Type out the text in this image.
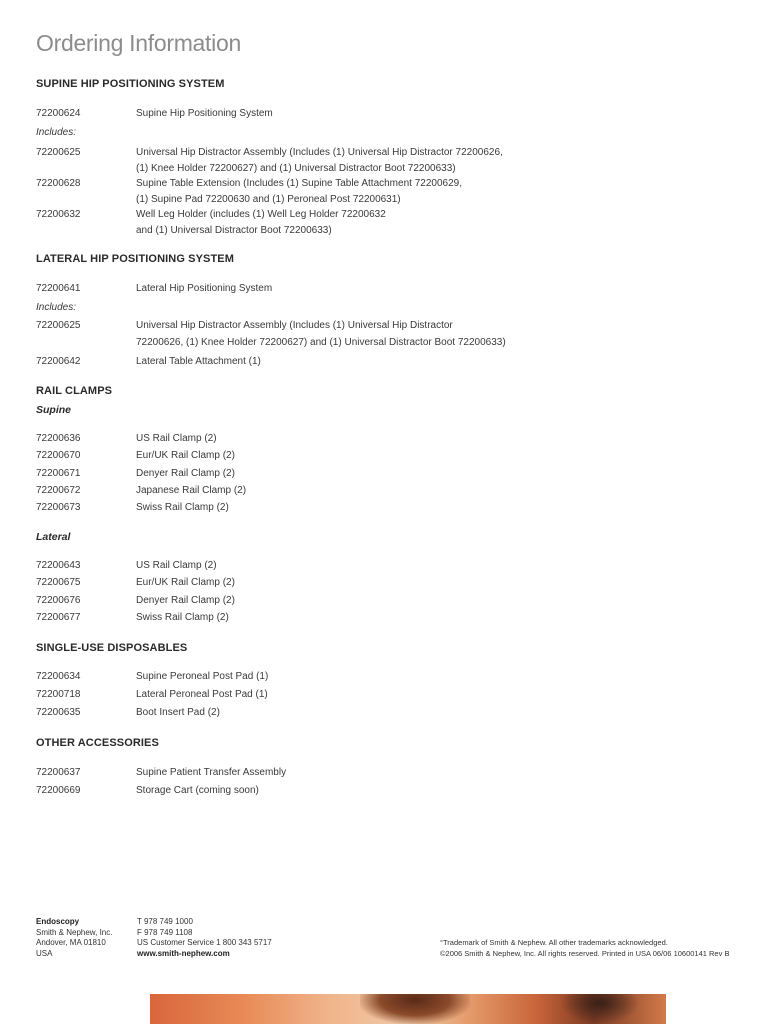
Ordering Information
SUPINE HIP POSITIONING SYSTEM
72200624	Supine Hip Positioning System
Includes:
72200625	Universal Hip Distractor Assembly (Includes (1) Universal Hip Distractor 72200626,
(1) Knee Holder 72200627) and (1) Universal Distractor Boot 72200633)
72200628	Supine Table Extension (Includes (1) Supine Table Attachment 72200629,
(1) Supine Pad 72200630 and (1) Peroneal Post 72200631)
72200632	Well Leg Holder (includes (1) Well Leg Holder 72200632
and (1) Universal Distractor Boot 72200633)
LATERAL HIP POSITIONING SYSTEM
72200641	Lateral Hip Positioning System
Includes:
72200625	Universal Hip Distractor Assembly (Includes (1) Universal Hip Distractor
72200626, (1) Knee Holder 72200627) and (1) Universal Distractor Boot 72200633)
72200642	Lateral Table Attachment (1)
RAIL CLAMPS
Supine
72200636	US Rail Clamp (2)
72200670	Eur/UK Rail Clamp (2)
72200671	Denyer Rail Clamp (2)
72200672	Japanese Rail Clamp (2)
72200673	Swiss Rail Clamp (2)
Lateral
72200643	US Rail Clamp (2)
72200675	Eur/UK Rail Clamp (2)
72200676	Denyer Rail Clamp (2)
72200677	Swiss Rail Clamp (2)
SINGLE-USE DISPOSABLES
72200634	Supine Peroneal Post Pad (1)
72200718	Lateral Peroneal Post Pad (1)
72200635	Boot Insert Pad (2)
OTHER ACCESSORIES
72200637	Supine Patient Transfer Assembly
72200669	Storage Cart (coming soon)
Endoscopy
Smith & Nephew, Inc.
Andover, MA 01810
USA
T 978 749 1000
F 978 749 1108
US Customer Service 1 800 343 5717
www.smith-nephew.com
°Trademark of Smith & Nephew. All other trademarks acknowledged.
©2006 Smith & Nephew, Inc. All rights reserved. Printed in USA 06/06 10600141 Rev B
